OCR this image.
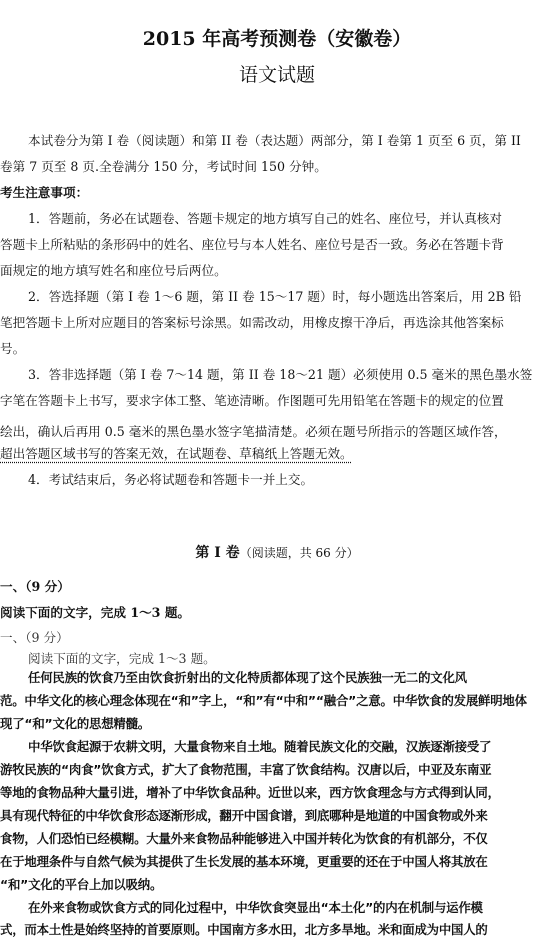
2015 年高考预测卷（安徽卷）
语文试题
本试卷分为第 I 卷（阅读题）和第 II 卷（表达题）两部分，第 I 卷第 1 页至 6 页，第 II
卷第 7 页至 8 页.全卷满分 150 分，考试时间 150 分钟。
考生注意事项：
1．答题前，务必在试题卷、答题卡规定的地方填写自己的姓名、座位号，并认真核对
答题卡上所粘贴的条形码中的姓名、座位号与本人姓名、座位号是否一致。务必在答题卡背
面规定的地方填写姓名和座位号后两位。
2．答选择题（第 I 卷 1～6 题，第 II 卷 15～17 题）时，每小题选出答案后，用 2B 铅
笔把答题卡上所对应题目的答案标号涂黑。如需改动，用橡皮擦干净后，再选涂其他答案标
号。
3．答非选择题（第 I 卷 7～14 题，第 II 卷 18～21 题）必须使用 0.5 毫米的黑色墨水签
字笔在答题卡上书写，要求字体工整、笔迹清晰。作图题可先用铅笔在答题卡的规定的位置
绘出，确认后再用 0.5 毫米的黑色墨水签字笔描清楚。必须在题号所指示的答题区域作答，
超出答题区域书写的答案无效，在试题卷、草稿纸上答题无效。
4．考试结束后，务必将试题卷和答题卡一并上交。
第 I 卷（阅读题，共 66 分）
一、（9 分）
阅读下面的文字，完成 1～3 题。
一、（9 分）
阅读下面的文字，完成 1～3 题。
任何民族的饮食乃至由饮食折射出的文化特质都体现了这个民族独一无二的文化风
范。中华文化的核心理念体现在“和”字上，“和”有“中和”“融合”之意。中华饮食的发展鲜明地体
现了“和”文化的思想精髓。
中华饮食起源于农耕文明，大量食物来自土地。随着民族文化的交融，汉族逐渐接受了
游牧民族的“肉食”饮食方式，扩大了食物范围，丰富了饮食结构。汉唐以后，中亚及东南亚
等地的食物品种大量引进，增补了中华饮食品种。近世以来，西方饮食理念与方式得到认同，
具有现代特征的中华饮食形态逐渐形成，翻开中国食谱，到底哪种是地道的中国食物或外来
食物，人们恐怕已经模糊。大量外来食物品种能够进入中国并转化为饮食的有机部分，不仅
在于地理条件与自然气候为其提供了生长发展的基本环境，更重要的还在于中国人将其放在
“和”文化的平台上加以吸纳。
在外来食物或饮食方式的同化过程中，中华饮食突显出“本土化”的内在机制与运作模
式，而本土性是始终坚持的首要原则。中国南方多水田，北方多旱地。米和面成为中国人的
